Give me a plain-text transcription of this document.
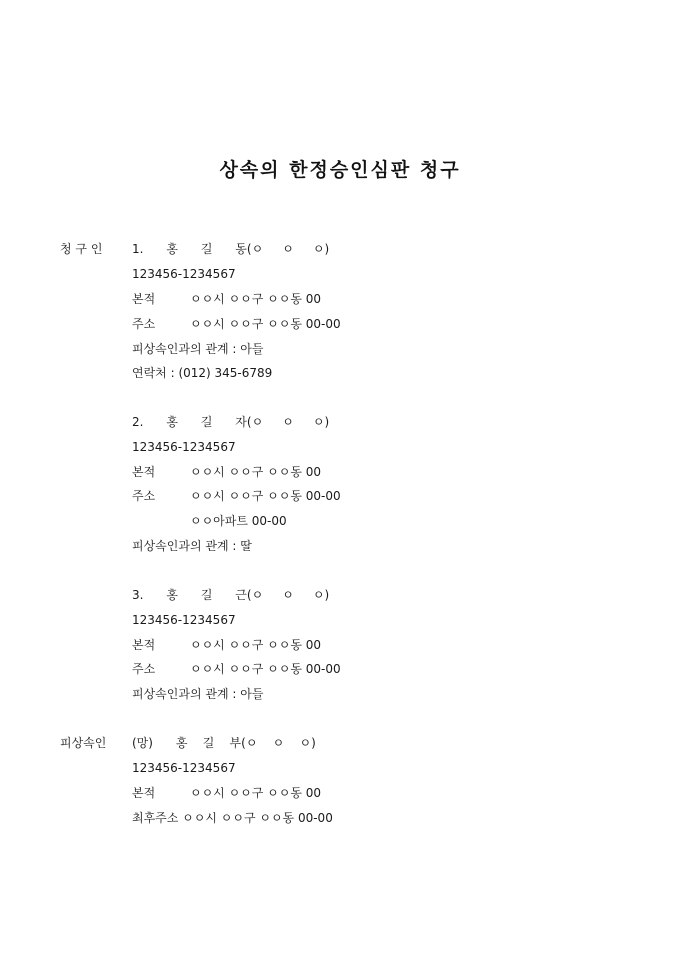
상속의 한정승인심판 청구
청 구 인 1.      홍      길      동(ㅇ     ㅇ     ㅇ)
123456-1234567
본적	ㅇㅇ시 ㅇㅇ구 ㅇㅇ동 00
주소	ㅇㅇ시 ㅇㅇ구 ㅇㅇ동 00-00
피상속인과의 관계 : 아들
연락처 : (012) 345-6789
2.      홍      길      자(ㅇ     ㅇ     ㅇ)
123456-1234567
본적	ㅇㅇ시 ㅇㅇ구 ㅇㅇ동 00
주소	ㅇㅇ시 ㅇㅇ구 ㅇㅇ동 00-00
ㅇㅇ아파트 00-00
피상속인과의 관계 : 딸
3.      홍      길      근(ㅇ     ㅇ     ㅇ)
123456-1234567
본적	ㅇㅇ시 ㅇㅇ구 ㅇㅇ동 00
주소	ㅇㅇ시 ㅇㅇ구 ㅇㅇ동 00-00
피상속인과의 관계 : 아들
피상속인 (망)      홍    길    부(ㅇ    ㅇ    ㅇ)
123456-1234567
본적	ㅇㅇ시 ㅇㅇ구 ㅇㅇ동 00
최후주소 ㅇㅇ시 ㅇㅇ구 ㅇㅇ동 00-00
